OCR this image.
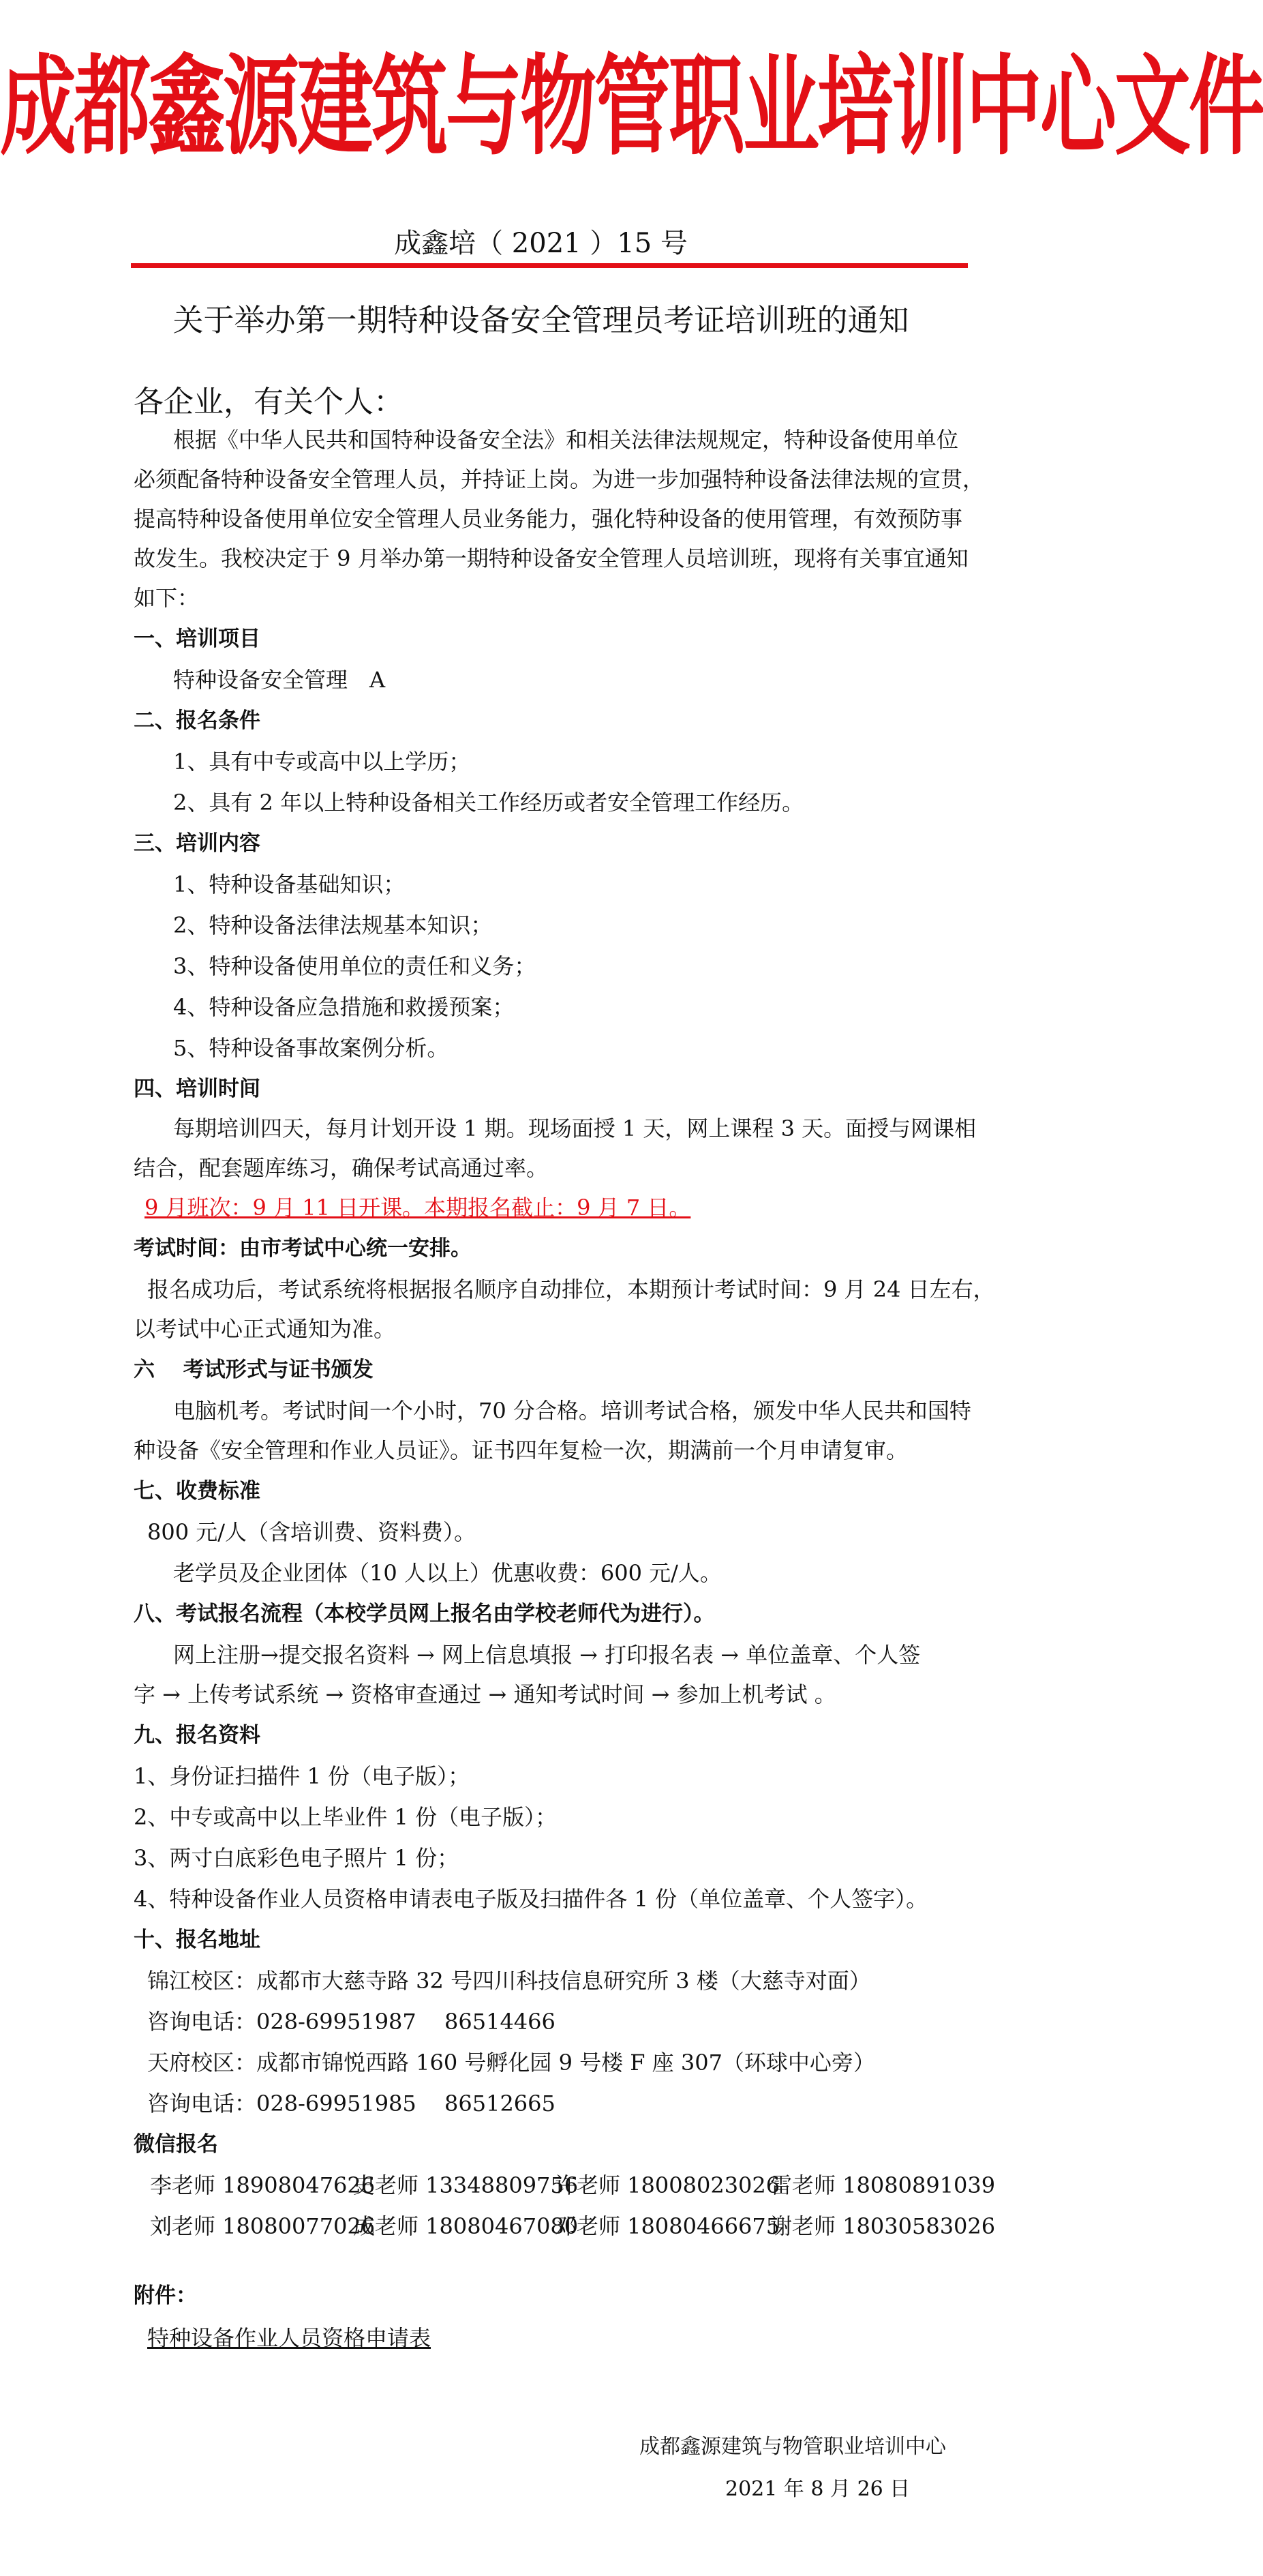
成都鑫源建筑与物管职业培训中心文件
成鑫培（ 2021 ）15 号
关于举办第一期特种设备安全管理员考证培训班的通知
各企业，有关个人：
根据《中华人民共和国特种设备安全法》和相关法律法规规定，特种设备使用单位
必须配备特种设备安全管理人员，并持证上岗。为进一步加强特种设备法律法规的宣贯，
提高特种设备使用单位安全管理人员业务能力，强化特种设备的使用管理，有效预防事
故发生。我校决定于 9 月举办第一期特种设备安全管理人员培训班，现将有关事宜通知
如下：
一、培训项目
特种设备安全管理　A
二、报名条件
1、具有中专或高中以上学历；
2、具有 2 年以上特种设备相关工作经历或者安全管理工作经历。
三、培训内容
1、特种设备基础知识；
2、特种设备法律法规基本知识；
3、特种设备使用单位的责任和义务；
4、特种设备应急措施和救援预案；
5、特种设备事故案例分析。
四、培训时间
每期培训四天，每月计划开设 1 期。现场面授 1 天，网上课程 3 天。面授与网课相
结合，配套题库练习，确保考试高通过率。
9 月班次：9 月 11 日开课。本期报名截止：9 月 7 日。
考试时间：由市考试中心统一安排。
报名成功后，考试系统将根据报名顺序自动排位，本期预计考试时间：9 月 24 日左右，
以考试中心正式通知为准。
六　 考试形式与证书颁发
电脑机考。考试时间一个小时，70 分合格。培训考试合格，颁发中华人民共和国特
种设备《安全管理和作业人员证》。证书四年复检一次，期满前一个月申请复审。
七、收费标准
800 元/人（含培训费、资料费）。
老学员及企业团体（10 人以上）优惠收费：600 元/人。
八、考试报名流程（本校学员网上报名由学校老师代为进行）。
网上注册→提交报名资料 → 网上信息填报 → 打印报名表 → 单位盖章、个人签
字 → 上传考试系统 → 资格审查通过 → 通知考试时间 → 参加上机考试 。
九、报名资料
1、身份证扫描件 1 份（电子版）；
2、中专或高中以上毕业件 1 份（电子版）；
3、两寸白底彩色电子照片 1 份；
4、特种设备作业人员资格申请表电子版及扫描件各 1 份（单位盖章、个人签字）。
十、报名地址
锦江校区：成都市大慈寺路 32 号四川科技信息研究所 3 楼（大慈寺对面）
咨询电话：028-69951987 86514466
天府校区：成都市锦悦西路 160 号孵化园 9 号楼 F 座 307（环球中心旁）
咨询电话：028-69951985 86512665
微信报名
李老师 18908047626
史老师 13348809756
许老师 18008023026
雷老师 18080891039
刘老师 18080077026
成老师 18080467080
邓老师 18080466675
谢老师 18030583026
附件：
特种设备作业人员资格申请表
成都鑫源建筑与物管职业培训中心
2021 年 8 月 26 日
